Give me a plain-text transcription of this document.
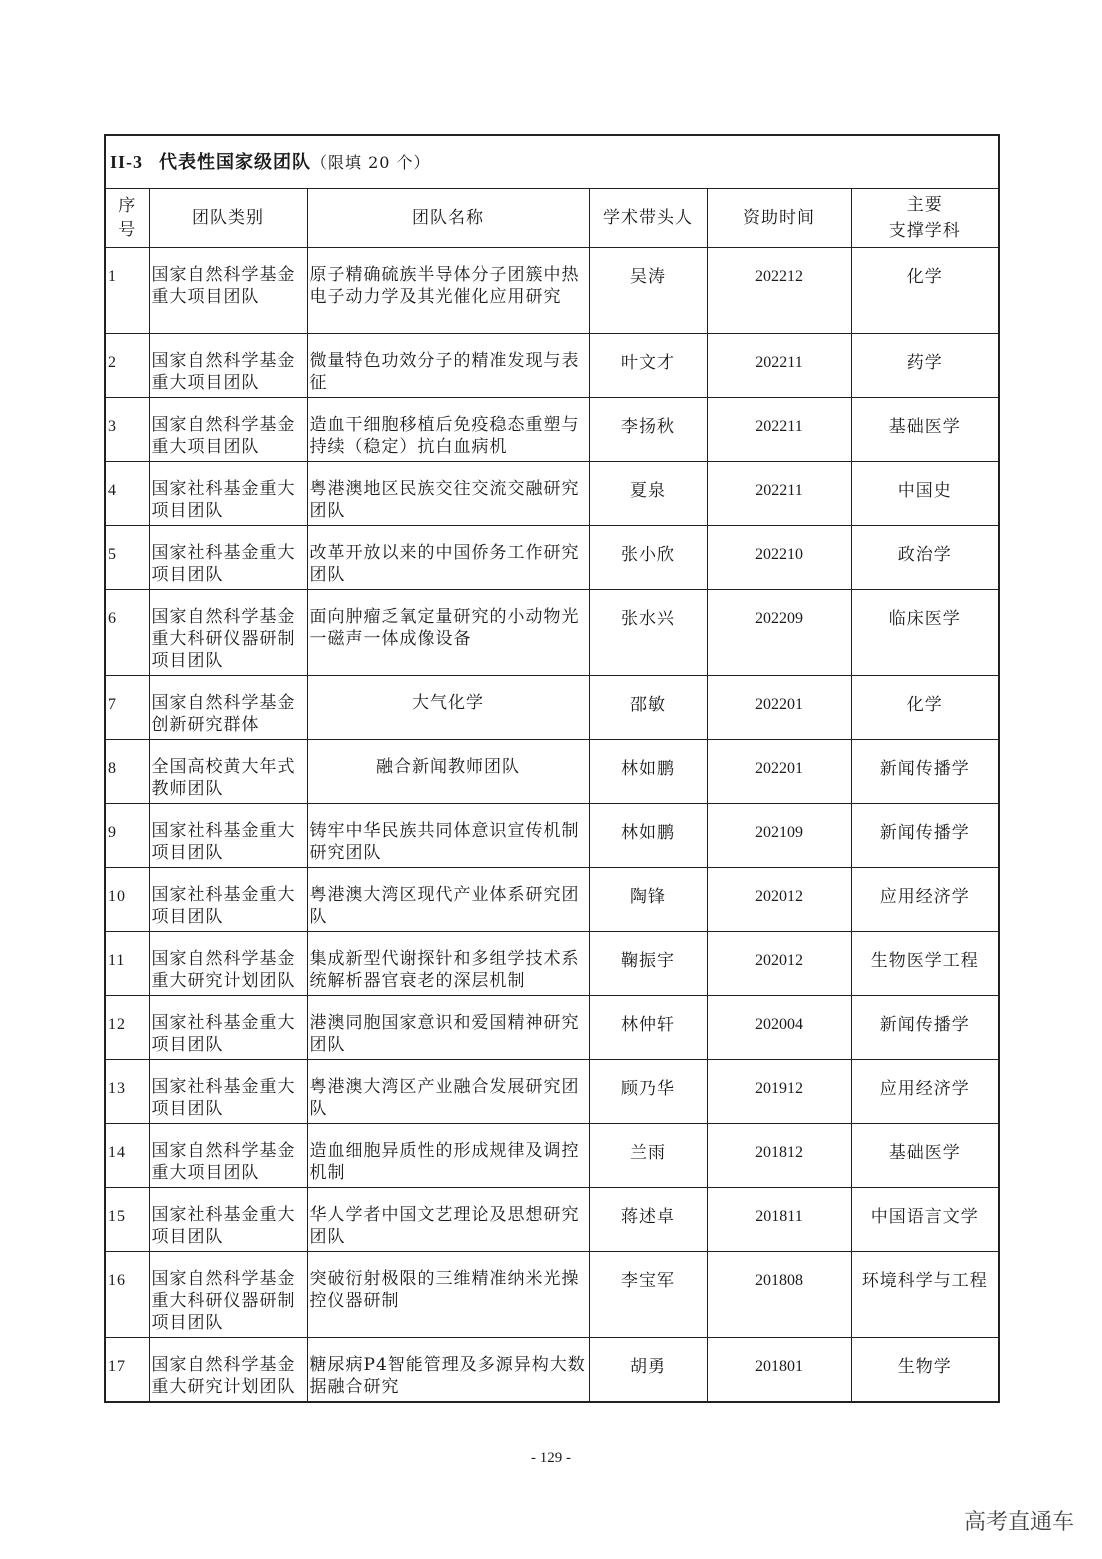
II-3 代表性国家级团队（限填 20 个）					
序号	团队类别	团队名称	学术带头人	资助时间	主要
支撑学科

1	国家自然科学基金重大项目团队	原子精确硫族半导体分子团簇中热电子动力学及其光催化应用研究	吴涛	202212	化学
2	国家自然科学基金重大项目团队	微量特色功效分子的精准发现与表征	叶文才	202211	药学
3	国家自然科学基金重大项目团队	造血干细胞移植后免疫稳态重塑与持续（稳定）抗白血病机	李扬秋	202211	基础医学
4	国家社科基金重大项目团队	粤港澳地区民族交往交流交融研究团队	夏泉	202211	中国史
5	国家社科基金重大项目团队	改革开放以来的中国侨务工作研究团队	张小欣	202210	政治学
6	国家自然科学基金重大科研仪器研制项目团队	面向肿瘤乏氧定量研究的小动物光一磁声一体成像设备	张水兴	202209	临床医学
7	国家自然科学基金创新研究群体	大气化学	邵敏	202201	化学
8	全国高校黄大年式教师团队	融合新闻教师团队	林如鹏	202201	新闻传播学
9	国家社科基金重大项目团队	铸牢中华民族共同体意识宣传机制研究团队	林如鹏	202109	新闻传播学
10	国家社科基金重大项目团队	粤港澳大湾区现代产业体系研究团队	陶锋	202012	应用经济学
11	国家自然科学基金重大研究计划团队	集成新型代谢探针和多组学技术系统解析器官衰老的深层机制	鞠振宇	202012	生物医学工程
12	国家社科基金重大项目团队	港澳同胞国家意识和爱国精神研究团队	林仲轩	202004	新闻传播学
13	国家社科基金重大项目团队	粤港澳大湾区产业融合发展研究团队	顾乃华	201912	应用经济学
14	国家自然科学基金重大项目团队	造血细胞异质性的形成规律及调控机制	兰雨	201812	基础医学
15	国家社科基金重大项目团队	华人学者中国文艺理论及思想研究团队	蒋述卓	201811	中国语言文学
16	国家自然科学基金重大科研仪器研制项目团队	突破衍射极限的三维精准纳米光操控仪器研制	李宝军	201808	环境科学与工程
17	国家自然科学基金重大研究计划团队	糖尿病P4智能管理及多源异构大数据融合研究	胡勇	201801	生物学
- 129 -
高考直通车
